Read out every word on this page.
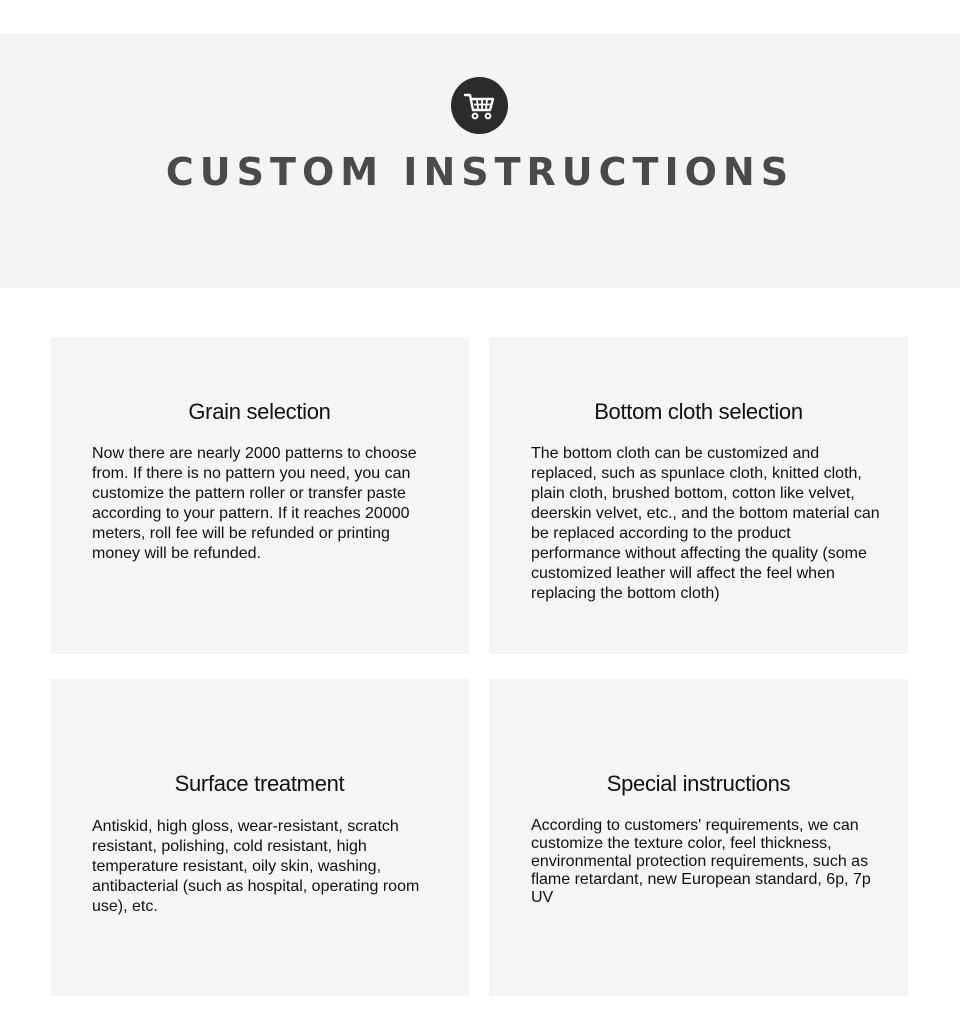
CUSTOM INSTRUCTIONS
Grain selection
Now there are nearly 2000 patterns to choose from. If there is no pattern you need, you can customize the pattern roller or transfer paste according to your pattern. If it reaches 20000 meters, roll fee will be refunded or printing money will be refunded.
Bottom cloth selection
The bottom cloth can be customized and replaced, such as spunlace cloth, knitted cloth, plain cloth, brushed bottom, cotton like velvet, deerskin velvet, etc., and the bottom material can be replaced according to the product performance without affecting the quality (some customized leather will affect the feel when replacing the bottom cloth)
Surface treatment
Antiskid, high gloss, wear-resistant, scratch resistant, polishing, cold resistant, high temperature resistant, oily skin, washing, antibacterial (such as hospital, operating room use), etc.
Special instructions
According to customers' requirements, we can customize the texture color, feel thickness, environmental protection requirements, such as flame retardant, new European standard, 6p, 7p UV
